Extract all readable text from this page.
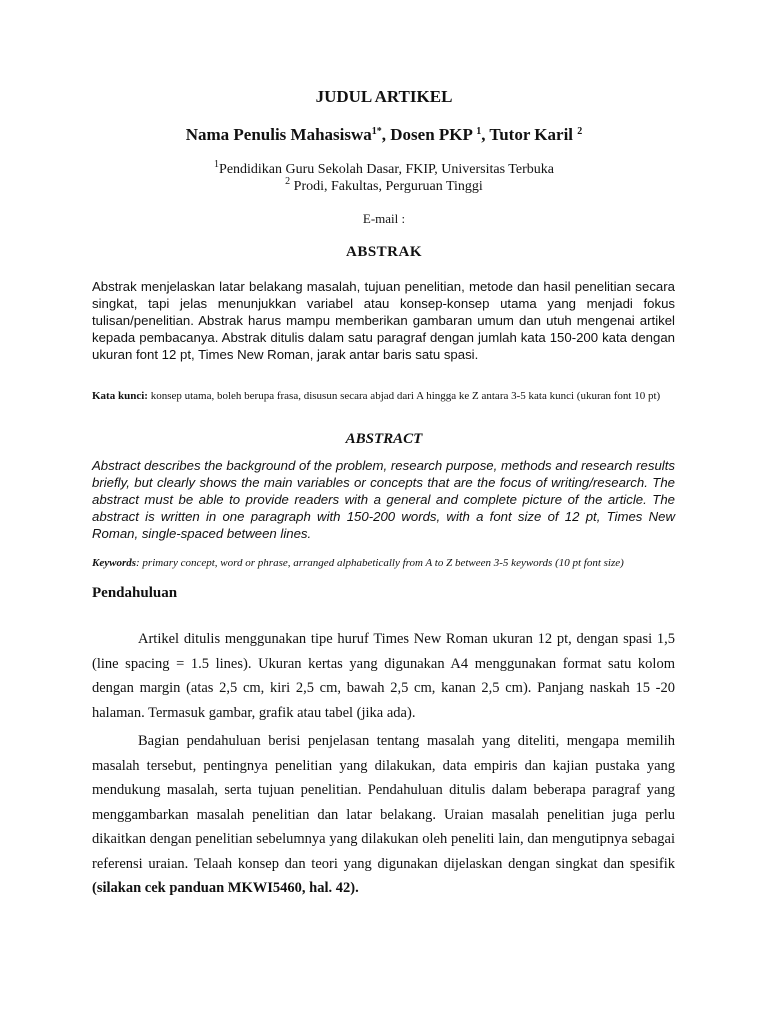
JUDUL ARTIKEL

Nama Penulis Mahasiswa$^{1*}$, Dosen PKP $^1$, Tutor Karil $^2$

$^1$Pendidikan Guru Sekolah Dasar, FKIP, Universitas Terbuka

$^2$ Prodi, Fakultas, Perguruan Tinggi

E-mail :

ABSTRAK

Abstrak menjelaskan latar belakang masalah, tujuan penelitian, metode dan hasil penelitian secara singkat, tapi jelas menunjukkan variabel atau konsep-konsep utama yang menjadi fokus tulisan/penelitian. Abstrak harus mampu memberikan gambaran umum dan utuh mengenai artikel kepada pembacanya. Abstrak ditulis dalam satu paragraf dengan jumlah kata 150-200 kata dengan ukuran font 12 pt, Times New Roman, jarak antar baris satu spasi.

Kata kunci: konsep utama, boleh berupa frasa, disusun secara abjad dari A hingga ke Z antara 3-5 kata kunci (ukuran font 10 pt)

ABSTRACT

Abstract describes the background of the problem, research purpose, methods and research results briefly, but clearly shows the main variables or concepts that are the focus of writing/research. The abstract must be able to provide readers with a general and complete picture of the article. The abstract is written in one paragraph with 150-200 words, with a font size of 12 pt, Times New Roman, single-spaced between lines.

Keywords: primary concept, word or phrase, arranged alphabetically from A to Z between 3-5 keywords (10 pt font size)

Pendahuluan

Artikel ditulis menggunakan tipe huruf Times New Roman ukuran 12 pt, dengan spasi 1,5 (line spacing = 1.5 lines). Ukuran kertas yang digunakan A4 menggunakan format satu kolom dengan margin (atas 2,5 cm, kiri 2,5 cm, bawah 2,5 cm, kanan 2,5 cm). Panjang naskah 15 -20 halaman. Termasuk gambar, grafik atau tabel (jika ada).

Bagian pendahuluan berisi penjelasan tentang masalah yang diteliti, mengapa memilih masalah tersebut, pentingnya penelitian yang dilakukan, data empiris dan kajian pustaka yang mendukung masalah, serta tujuan penelitian. Pendahuluan ditulis dalam beberapa paragraf yang menggambarkan masalah penelitian dan latar belakang. Uraian masalah penelitian juga perlu dikaitkan dengan penelitian sebelumnya yang dilakukan oleh peneliti lain, dan mengutipnya sebagai referensi uraian. Telaah konsep dan teori yang digunakan dijelaskan dengan singkat dan spesifik (silakan cek panduan MKWI5460, hal. 42).
